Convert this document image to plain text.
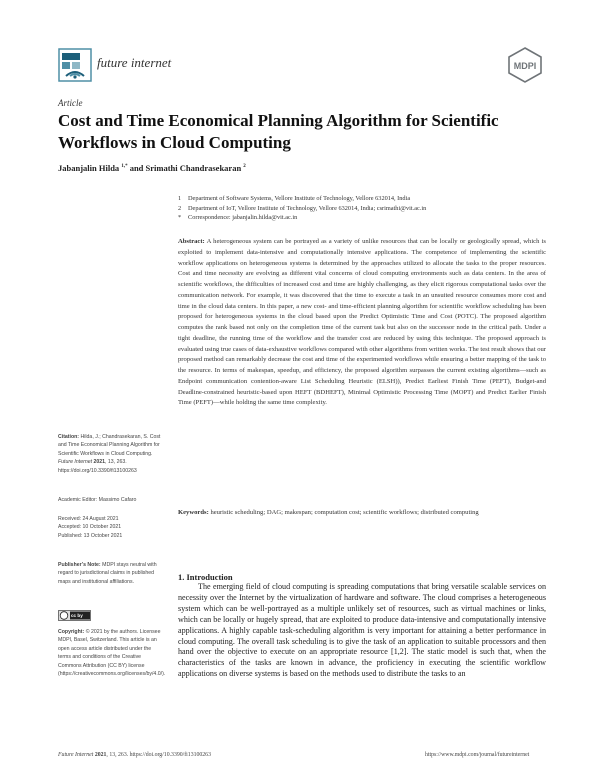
future internet	MDPI
Article
Cost and Time Economical Planning Algorithm for Scientific Workflows in Cloud Computing
Jabanjalin Hilda $^{1,*}$ and Srimathi Chandrasekaran $^2$
1	Department of Software Systems, Vellore Institute of Technology, Vellore 632014, India
2	Department of IoT, Vellore Institute of Technology, Vellore 632014, India; csrimathi@vit.ac.in
*	Correspondence: jabanjalin.hilda@vit.ac.in
Abstract: A heterogeneous system can be portrayed as a variety of unlike resources that can be locally or geologically spread, which is exploited to implement data-intensive and computationally intensive applications. The competence of implementing the scientific workflow applications on heterogeneous systems is determined by the approaches utilized to allocate the tasks to the proper resources. Cost and time necessity are evolving as different vital concerns of cloud computing environments such as data centers. In the area of scientific workflows, the difficulties of increased cost and time are highly challenging, as they elicit rigorous computational tasks over the communication network. For example, it was discovered that the time to execute a task in an unsuited resource consumes more cost and time in the cloud data centers. In this paper, a new cost- and time-efficient planning algorithm for scientific workflow scheduling has been proposed for heterogeneous systems in the cloud based upon the Predict Optimistic Time and Cost (POTC). The proposed algorithm computes the rank based not only on the completion time of the current task but also on the successor node in the critical path. Under a tight deadline, the running time of the workflow and the transfer cost are reduced by using this technique. The proposed approach is evaluated using true cases of data-exhaustive workflows compared with other algorithms from written works. The test result shows that our proposed method can remarkably decrease the cost and time of the experimented workflows while ensuring a better mapping of the task to the resource. In terms of makespan, speedup, and efficiency, the proposed algorithm surpasses the current existing algorithms—such as Endpoint communication contention-aware List Scheduling Heuristic (ELSH)), Predict Earliest Finish Time (PEFT), Budget-and Deadline-constrained heuristic-based upon HEFT (BDHEFT), Minimal Optimistic Processing Time (MOPT) and Predict Earlier Finish Time (PEFT)—while holding the same time complexity.
Keywords: heuristic scheduling; DAG; makespan; computation cost; scientific workflows; distributed computing
Citation: Hilda, J.; Chandrasekaran, S. Cost and Time Economical Planning Algorithm for Scientific Workflows in Cloud Computing. Future Internet 2021, 13, 263. https://doi.org/10.3390/fi13100263
Academic Editor: Massimo Cafaro
Received: 24 August 2021
Accepted: 10 October 2021
Published: 13 October 2021
Publisher’s Note: MDPI stays neutral with regard to jurisdictional claims in published maps and institutional affiliations.
cc by
Copyright: © 2021 by the authors. Licensee MDPI, Basel, Switzerland. This article is an open access article distributed under the terms and conditions of the Creative Commons Attribution (CC BY) license (https://creativecommons.org/licenses/by/4.0/).
1. Introduction
The emerging field of cloud computing is spreading computations that bring versatile scalable services on necessity over the Internet by the virtualization of hardware and software. The cloud comprises a heterogeneous system which can be well-portrayed as a multiple unlikely set of resources, such as virtual machines or links, which can be locally or hugely spread, that are exploited to produce data-intensive and computationally intensive applications. A highly capable task-scheduling algorithm is very important for attaining a better performance in cloud computing. The overall task scheduling is to give the task of an application to suitable processors and then hand over the objective to execute on an appropriate resource [1,2]. The static model is such that, when the characteristics of the tasks are known in advance, the proficiency in executing the scientific workflow applications on diverse systems is based on the methods used to distribute the tasks to an
Future Internet 2021, 13, 263. https://doi.org/10.3390/fi13100263	https://www.mdpi.com/journal/futureinternet
